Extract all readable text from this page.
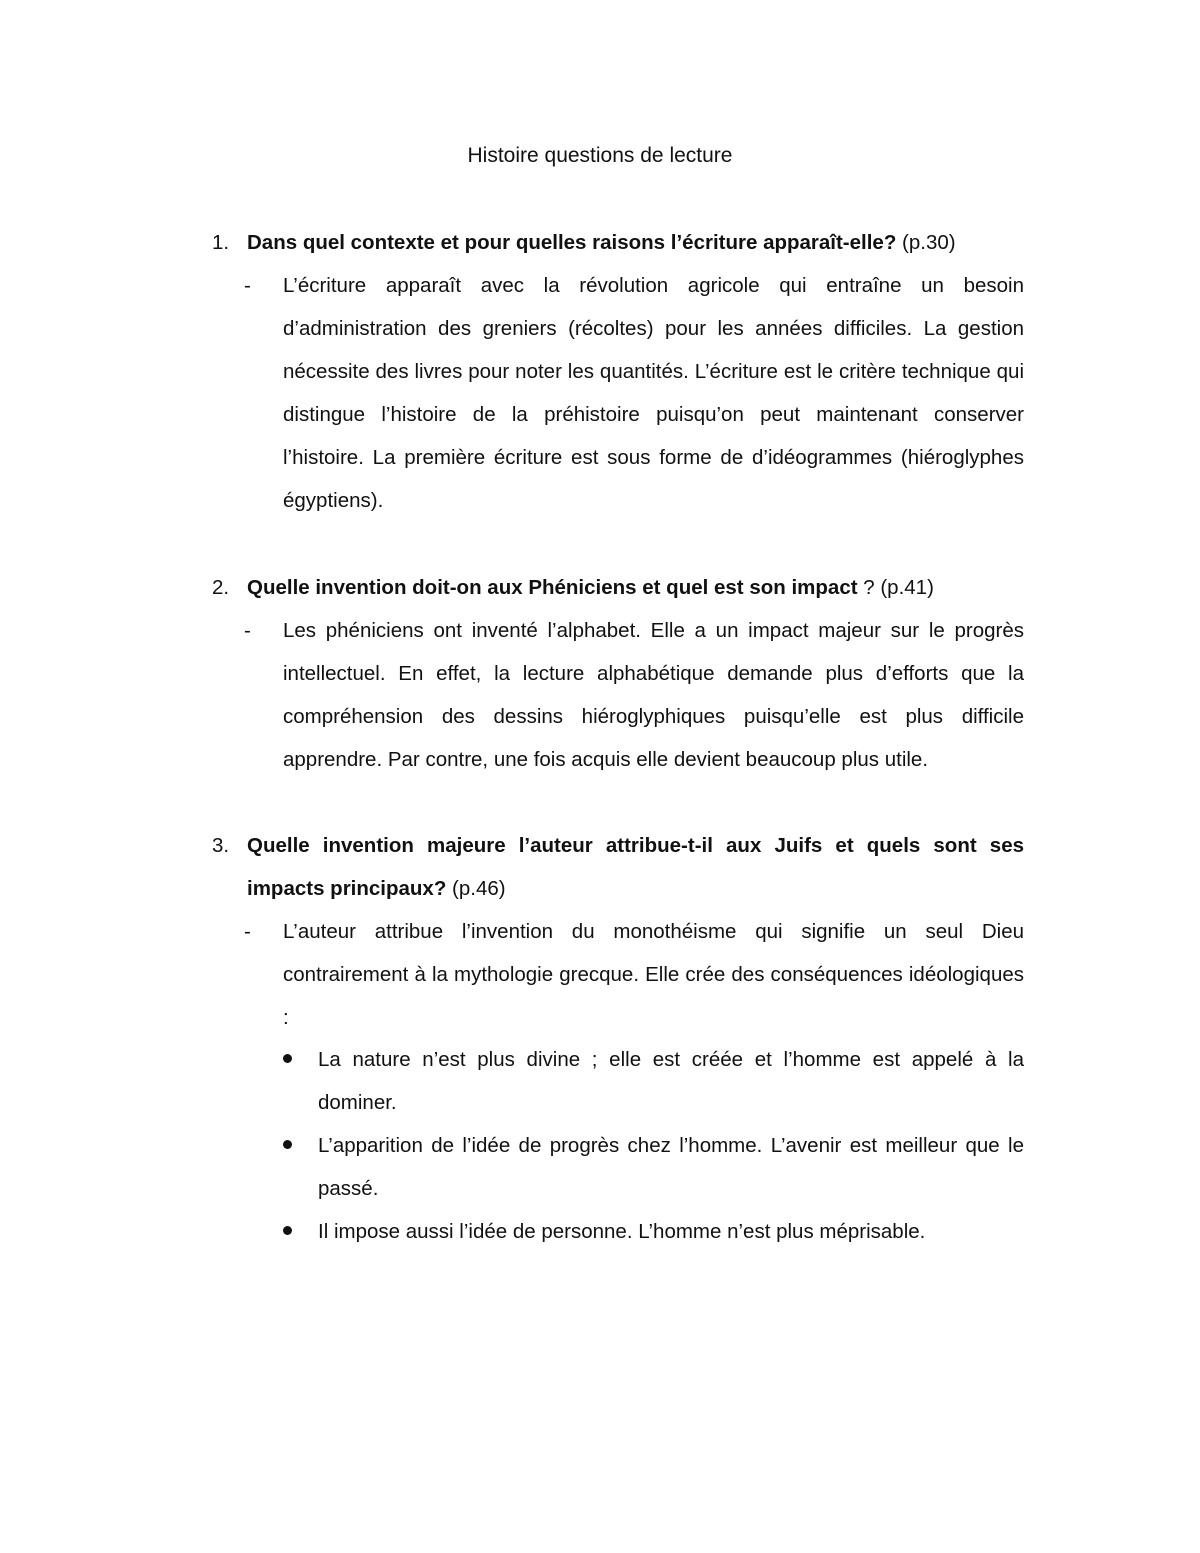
Histoire questions de lecture
1. Dans quel contexte et pour quelles raisons l’écriture apparaît-elle? (p.30)
-	L’écriture apparaît avec la révolution agricole qui entraîne un besoin d’administration des greniers (récoltes) pour les années difficiles. La gestion nécessite des livres pour noter les quantités. L’écriture est le critère technique qui distingue l’histoire de la préhistoire puisqu’on peut maintenant conserver l’histoire. La première écriture est sous forme de d’idéogrammes (hiéroglyphes égyptiens).
2. Quelle invention doit-on aux Phéniciens et quel est son impact ? (p.41)
-	Les phéniciens ont inventé l’alphabet. Elle a un impact majeur sur le progrès intellectuel. En effet, la lecture alphabétique demande plus d’efforts que la compréhension des dessins hiéroglyphiques puisqu’elle est plus difficile apprendre. Par contre, une fois acquis elle devient beaucoup plus utile.
3. Quelle invention majeure l’auteur attribue-t-il aux Juifs et quels sont ses impacts principaux? (p.46)
-	L’auteur attribue l’invention du monothéisme qui signifie un seul Dieu contrairement à la mythologie grecque. Elle crée des conséquences idéologiques :
La nature n’est plus divine ; elle est créée et l’homme est appelé à la dominer.
L’apparition de l’idée de progrès chez l’homme. L’avenir est meilleur que le passé.
Il impose aussi l’idée de personne. L’homme n’est plus méprisable.
